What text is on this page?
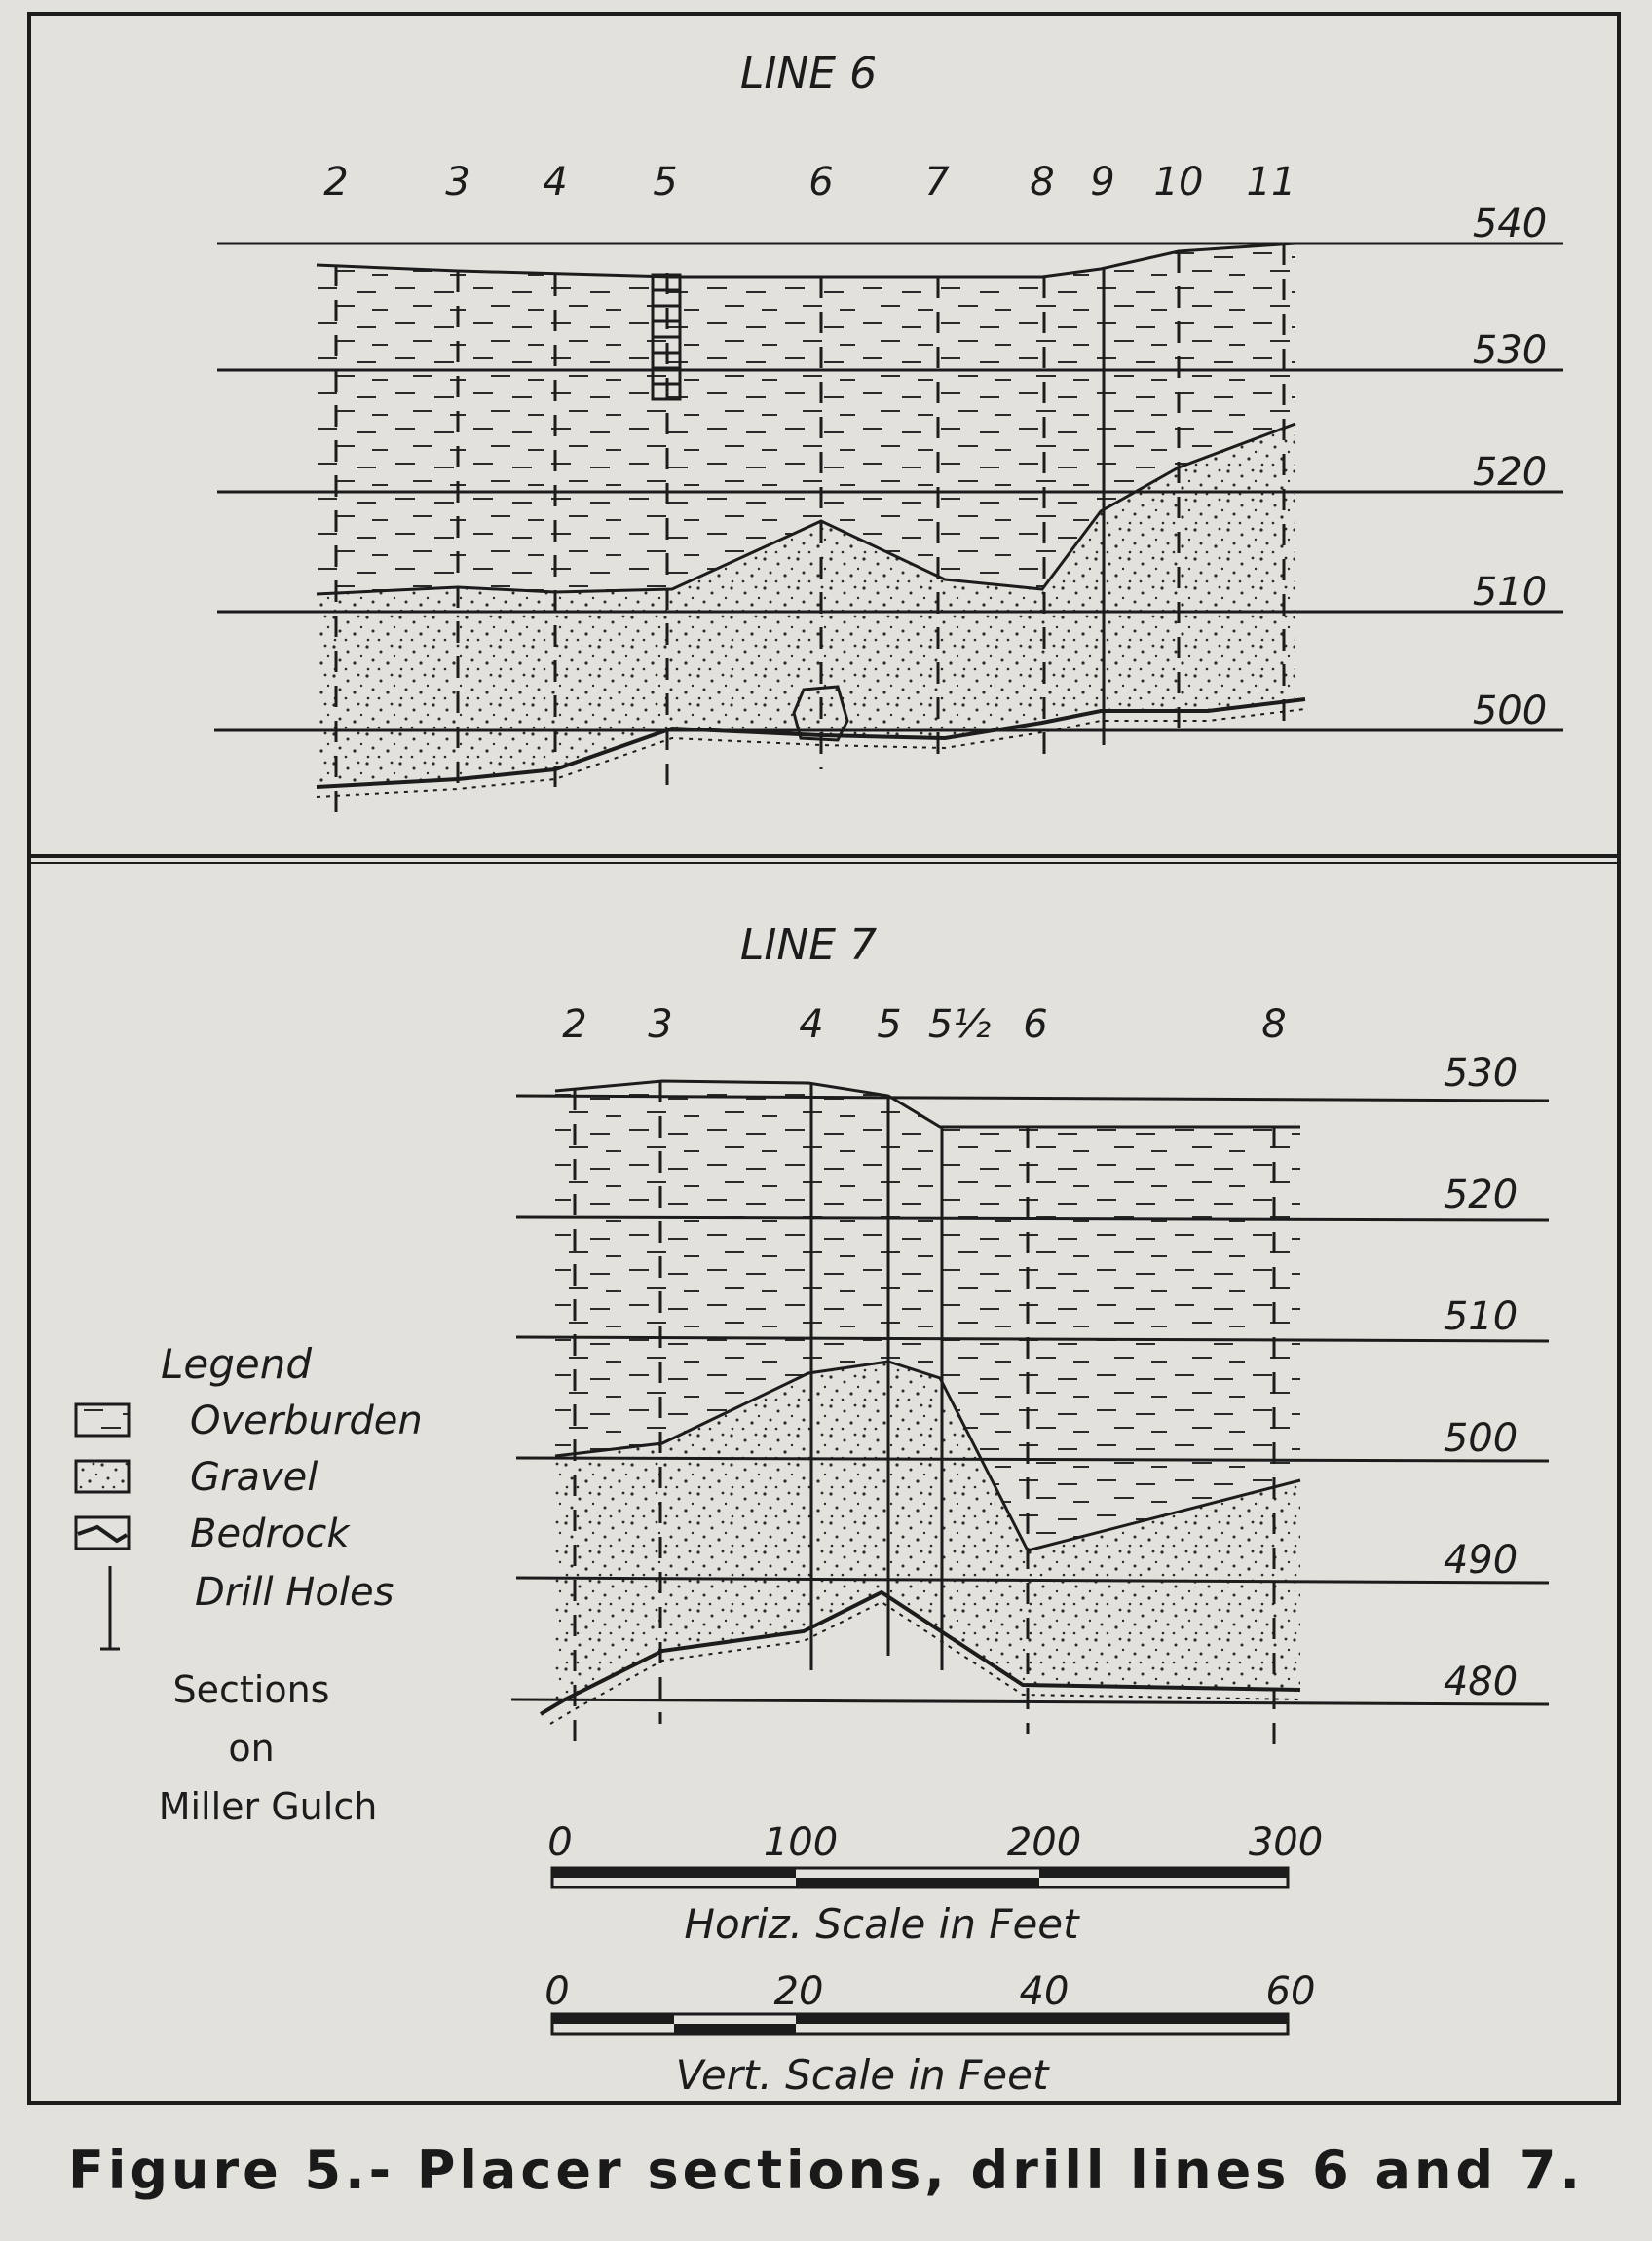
LINE 6
2 3 4 5	6 7 8 9 10 11
540
530
520
510
500
LINE 7
2 3	4 5 5½ 6	8
530
520
510
500
490
480
Legend
Overburden
Gravel
Bedrock
Drill Holes
Sections
on
Miller Gulch
0	100	200	300
Horiz. Scale in Feet
0	20	40	60
Vert. Scale in Feet
Figure 5.- Placer sections, drill lines 6 and 7.
